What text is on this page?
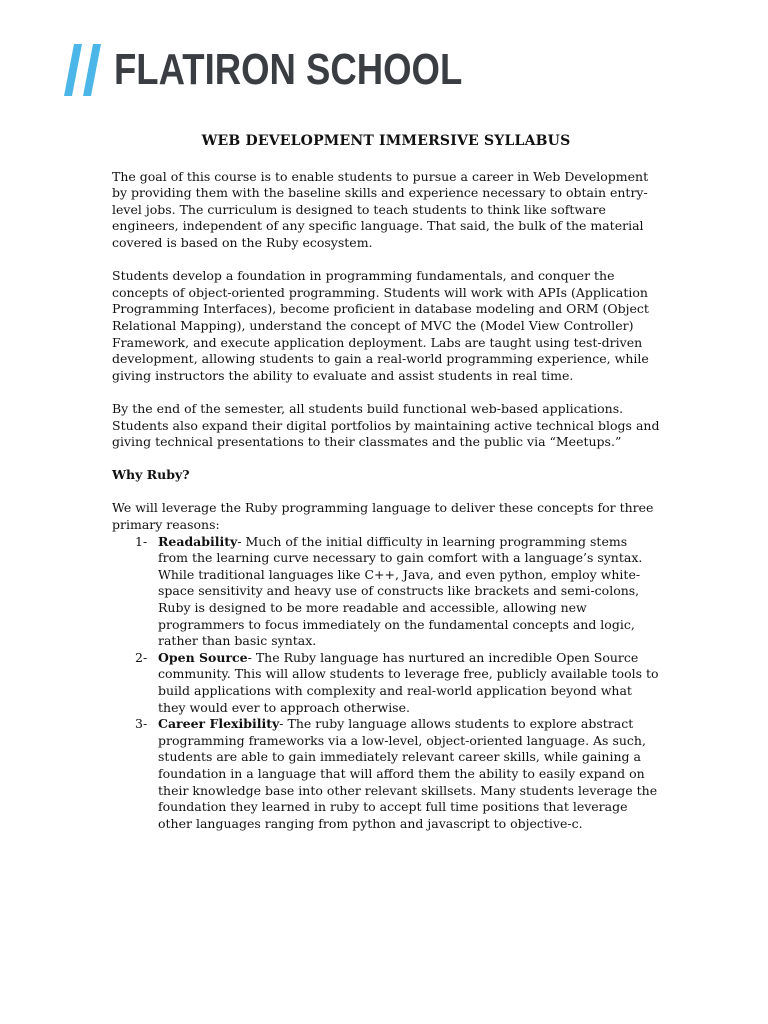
FLATIRON SCHOOL
WEB DEVELOPMENT IMMERSIVE SYLLABUS

The goal of this course is to enable students to pursue a career in Web Development by providing them with the baseline skills and experience necessary to obtain entry-level jobs. The curriculum is designed to teach students to think like software engineers, independent of any specific language. That said, the bulk of the material covered is based on the Ruby ecosystem.

Students develop a foundation in programming fundamentals, and conquer the concepts of object-oriented programming. Students will work with APIs (Application Programming Interfaces), become proficient in database modeling and ORM (Object Relational Mapping), understand the concept of MVC the (Model View Controller) Framework, and execute application deployment. Labs are taught using test-driven development, allowing students to gain a real-world programming experience, while giving instructors the ability to evaluate and assist students in real time.

By the end of the semester, all students build functional web-based applications. Students also expand their digital portfolios by maintaining active technical blogs and giving technical presentations to their classmates and the public via “Meetups.”

Why Ruby?

We will leverage the Ruby programming language to deliver these concepts for three primary reasons:

1- Readability- Much of the initial difficulty in learning programming stems from the learning curve necessary to gain comfort with a language’s syntax. While traditional languages like C++, Java, and even python, employ white-space sensitivity and heavy use of constructs like brackets and semi-colons, Ruby is designed to be more readable and accessible, allowing new programmers to focus immediately on the fundamental concepts and logic, rather than basic syntax.
2- Open Source- The Ruby language has nurtured an incredible Open Source community. This will allow students to leverage free, publicly available tools to build applications with complexity and real-world application beyond what they would ever to approach otherwise.
3- Career Flexibility- The ruby language allows students to explore abstract programming frameworks via a low-level, object-oriented language. As such, students are able to gain immediately relevant career skills, while gaining a foundation in a language that will afford them the ability to easily expand on their knowledge base into other relevant skillsets. Many students leverage the foundation they learned in ruby to accept full time positions that leverage other languages ranging from python and javascript to objective-c.
